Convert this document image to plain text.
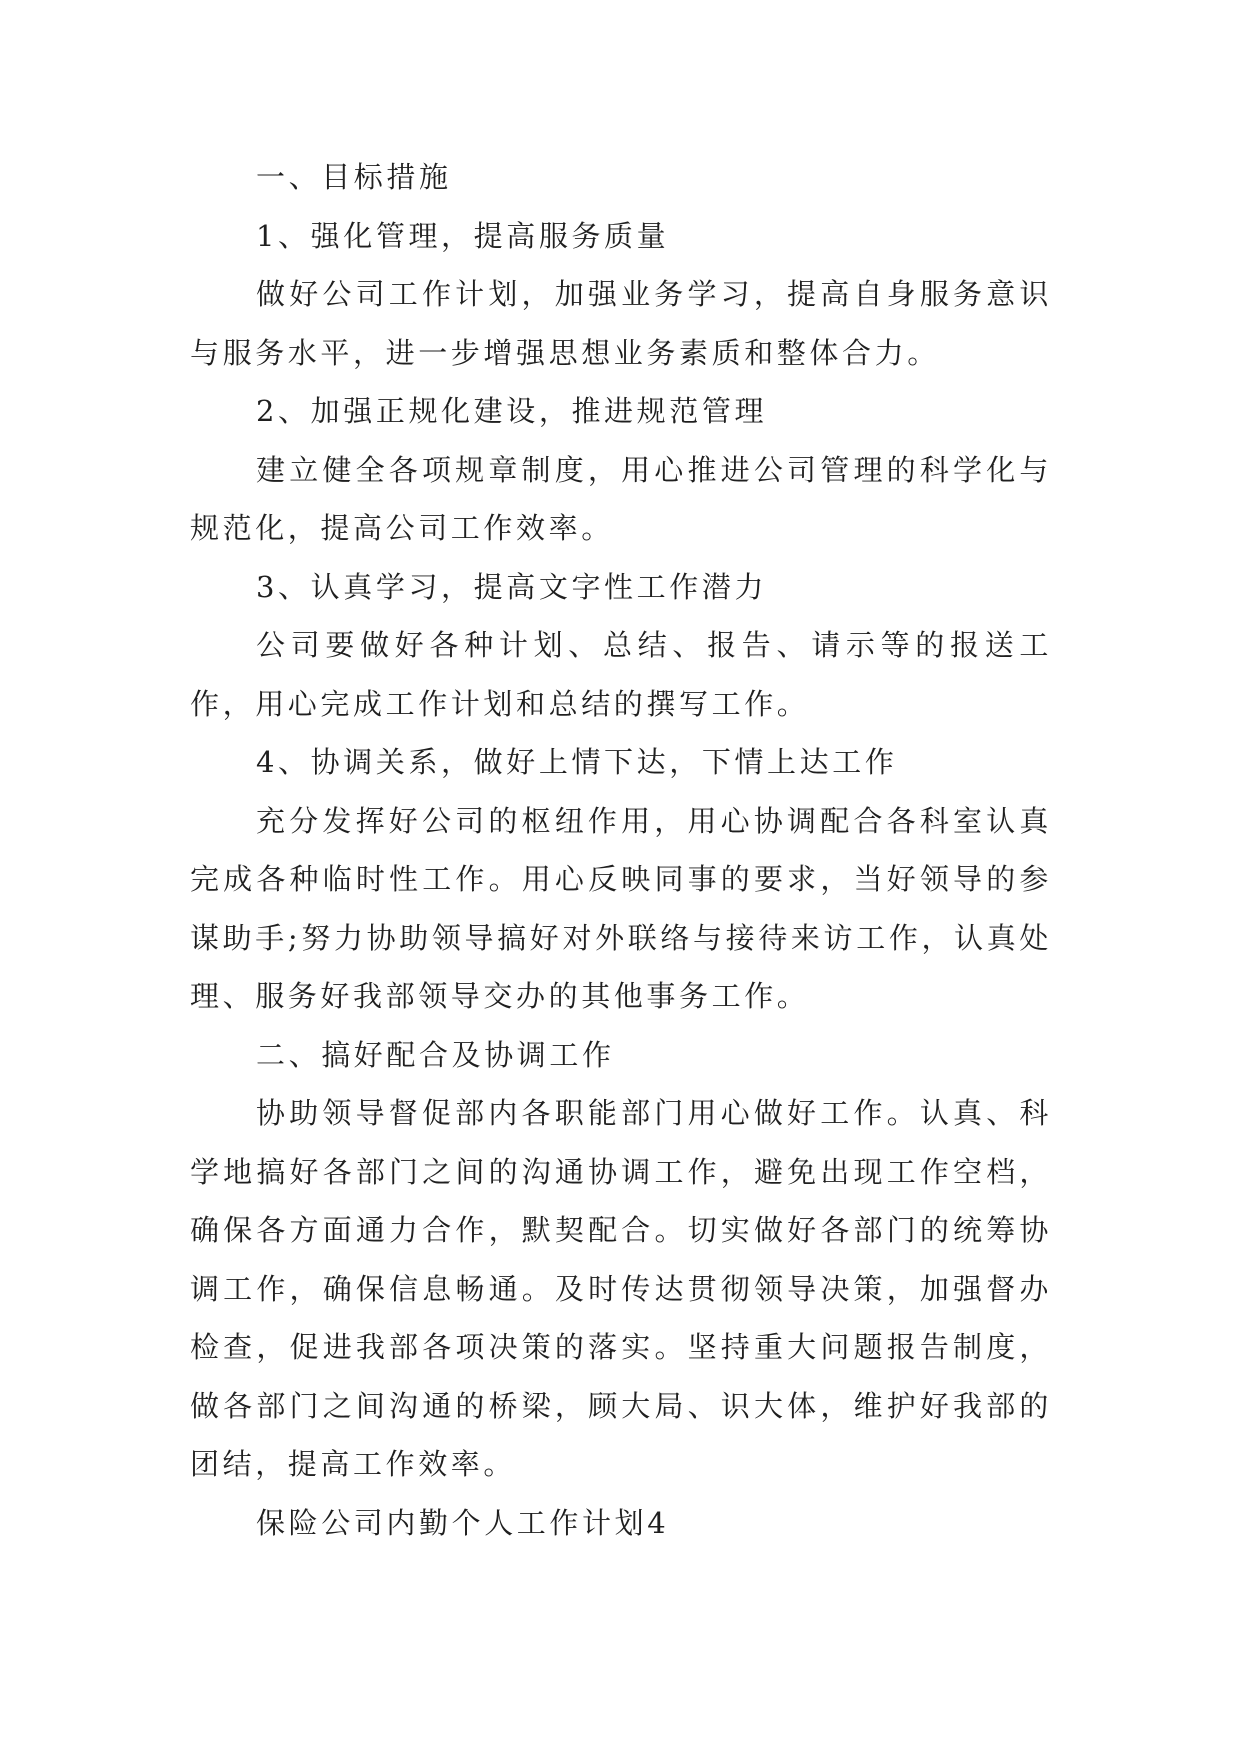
一、目标措施

1、强化管理，提高服务质量

做好公司工作计划，加强业务学习，提高自身服务意识与服务水平，进一步增强思想业务素质和整体合力。

2、加强正规化建设，推进规范管理

建立健全各项规章制度，用心推进公司管理的科学化与规范化，提高公司工作效率。

3、认真学习，提高文字性工作潜力

公司要做好各种计划、总结、报告、请示等的报送工作，用心完成工作计划和总结的撰写工作。

4、协调关系，做好上情下达，下情上达工作

充分发挥好公司的枢纽作用，用心协调配合各科室认真完成各种临时性工作。用心反映同事的要求，当好领导的参谋助手;努力协助领导搞好对外联络与接待来访工作，认真处理、服务好我部领导交办的其他事务工作。

二、搞好配合及协调工作

协助领导督促部内各职能部门用心做好工作。认真、科学地搞好各部门之间的沟通协调工作，避免出现工作空档，确保各方面通力合作，默契配合。切实做好各部门的统筹协调工作，确保信息畅通。及时传达贯彻领导决策，加强督办检查，促进我部各项决策的落实。坚持重大问题报告制度，做各部门之间沟通的桥梁，顾大局、识大体，维护好我部的团结，提高工作效率。

保险公司内勤个人工作计划4
